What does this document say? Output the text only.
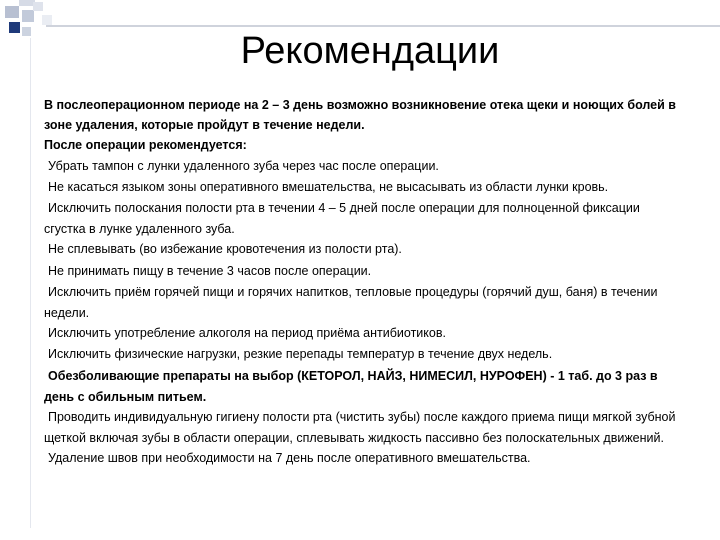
Рекомендации

В послеоперационном периоде на 2 – 3 день возможно возникновение отека щеки и ноющих болей в зоне удаления, которые пройдут в течение недели.

После операции рекомендуется:

Убрать тампон с лунки удаленного зуба через час после операции.

Не касаться языком зоны оперативного вмешательства, не высасывать из области лунки кровь.

Исключить полоскания полости рта в течении 4 – 5 дней после операции для полноценной фиксации сгустка в лунке удаленного зуба.

Не сплевывать (во избежание кровотечения из полости рта).

Не принимать пищу в течение 3 часов после операции.

Исключить приём горячей пищи и горячих напитков, тепловые процедуры (горячий душ, баня) в течении недели.

Исключить употребление алкоголя на период приёма антибиотиков.

Исключить физические нагрузки, резкие перепады температур в течение двух недель.

Обезболивающие препараты на выбор (КЕТОРОЛ, НАЙЗ, НИМЕСИЛ, НУРОФЕН) - 1 таб. до 3 раз в день с обильным питьем.

Проводить индивидуальную гигиену полости рта (чистить зубы) после каждого приема пищи мягкой зубной щеткой включая зубы в области операции, сплевывать жидкость пассивно без полоскательных движений.

Удаление швов при необходимости на 7 день после оперативного вмешательства.
